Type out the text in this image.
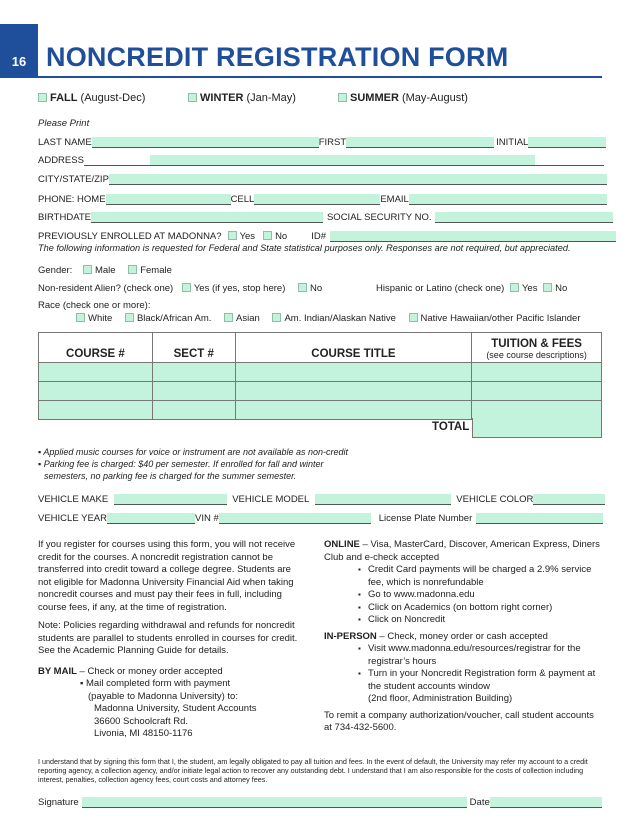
16 NONCREDIT REGISTRATION FORM
FALL (August-Dec)	WINTER (Jan-May)	SUMMER (May-August)
Please Print
LAST NAME	FIRST	INITIAL
ADDRESS
CITY/STATE/ZIP
PHONE: HOME	CELL	EMAIL
BIRTHDATE	SOCIAL SECURITY NO.
PREVIOUSLY ENROLLED AT MADONNA?	Yes	No	ID#
The following information is requested for Federal and State statistical purposes only. Responses are not required, but appreciated.
Gender: Male	Female
Non-resident Alien? (check one) Yes (if yes, stop here)	No	Hispanic or Latino (check one) Yes No
Race (check one or more):
White	Black/African Am.	Asian	Am. Indian/Alaskan Native	Native Hawaiian/other Pacific Islander
COURSE #	SECT #	COURSE TITLE	TUITION & FEES
(see course descriptions)

TOTAL
▪ Applied music courses for voice or instrument are not available as non-credit
▪ Parking fee is charged: $40 per semester. If enrolled for fall and winter
semesters, no parking fee is charged for the summer semester.
VEHICLE MAKE	VEHICLE MODEL	VEHICLE COLOR
VEHICLE YEAR	VIN #	License Plate Number

If you register for courses using this form, you will not receive credit for the courses. A noncredit registration cannot be transferred into credit toward a college degree. Students are not eligible for Madonna University Financial Aid when taking noncredit courses and must pay their fees in full, including course fees, if any, at the time of registration.

Note: Policies regarding withdrawal and refunds for noncredit students are parallel to students enrolled in courses for credit. See the Academic Planning Guide for details.

BY MAIL – Check or money order accepted

▪ Mail completed form with payment
(payable to Madonna University) to:
Madonna University, Student Accounts
36600 Schoolcraft Rd.
Livonia, MI 48150-1176

ONLINE – Visa, MasterCard, Discover, American Express, Diners Club and e-check accepted

▪ Credit Card payments will be charged a 2.9% service fee, which is nonrefundable
▪ Go to www.madonna.edu
▪ Click on Academics (on bottom right corner)
▪ Click on Noncredit

IN-PERSON – Check, money order or cash accepted

▪ Visit www.madonna.edu/resources/registrar for the registrar’s hours
▪ Turn in your Noncredit Registration form & payment at the student accounts window
(2nd floor, Administration Building)

To remit a company authorization/voucher, call student accounts at 734-432-5600.

I understand that by signing this form that I, the student, am legally obligated to pay all tuition and fees. In the event of default, the University may refer my account to a credit reporting agency, a collection agency, and/or initiate legal action to recover any outstanding debt. I understand that I am also responsible for the costs of collection including interest, penalties, collection agency fees, court costs and attorney fees.
Signature	Date
